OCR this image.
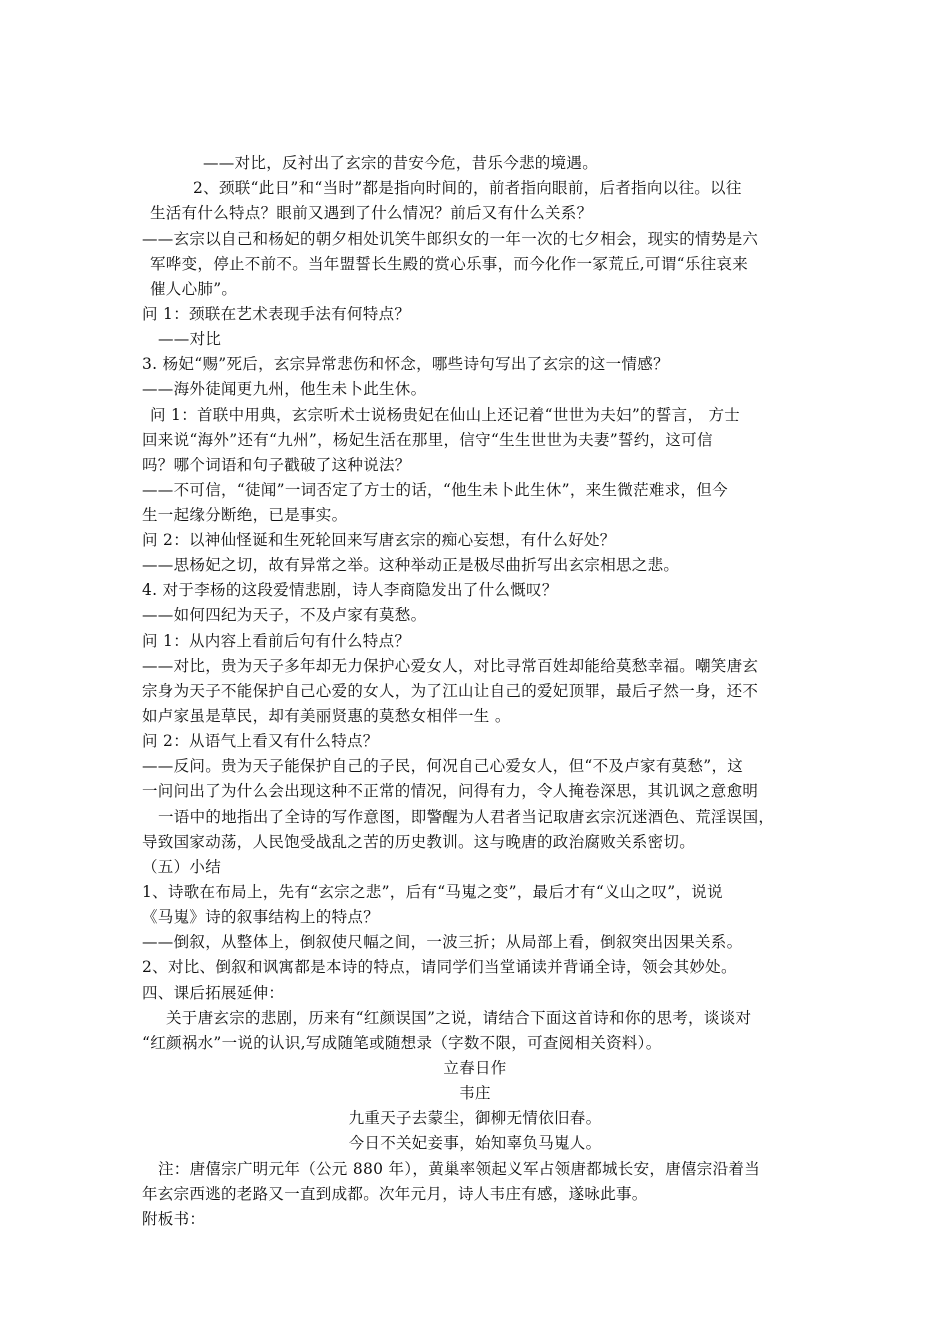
——对比，反衬出了玄宗的昔安今危，昔乐今悲的境遇。
2、颈联“此日”和“当时”都是指向时间的，前者指向眼前，后者指向以往。以往
生活有什么特点？眼前又遇到了什么情况？前后又有什么关系？
——玄宗以自己和杨妃的朝夕相处讥笑牛郎织女的一年一次的七夕相会，现实的情势是六
军哗变，停止不前不。当年盟誓长生殿的赏心乐事，而今化作一冢荒丘,可谓“乐往哀来
催人心肺”。
问 1：颈联在艺术表现手法有何特点？
——对比
3. 杨妃“赐”死后，玄宗异常悲伤和怀念，哪些诗句写出了玄宗的这一情感？
——海外徒闻更九州，他生未卜此生休。
问 1：首联中用典，玄宗听术士说杨贵妃在仙山上还记着“世世为夫妇”的誓言， 方士
回来说“海外”还有“九州”，杨妃生活在那里，信守“生生世世为夫妻”誓约，这可信
吗？哪个词语和句子戳破了这种说法？
——不可信，“徒闻”一词否定了方士的话，“他生未卜此生休”，来生微茫难求，但今
生一起缘分断绝，已是事实。
问 2：以神仙怪诞和生死轮回来写唐玄宗的痴心妄想，有什么好处？
——思杨妃之切，故有异常之举。这种举动正是极尽曲折写出玄宗相思之悲。
4. 对于李杨的这段爱情悲剧，诗人李商隐发出了什么慨叹？
——如何四纪为天子，不及卢家有莫愁。
问 1：从内容上看前后句有什么特点？
——对比，贵为天子多年却无力保护心爱女人，对比寻常百姓却能给莫愁幸福。嘲笑唐玄
宗身为天子不能保护自己心爱的女人，为了江山让自己的爱妃顶罪，最后孑然一身，还不
如卢家虽是草民，却有美丽贤惠的莫愁女相伴一生 。
问 2：从语气上看又有什么特点？
——反问。贵为天子能保护自己的子民，何况自己心爱女人，但“不及卢家有莫愁”，这
一问问出了为什么会出现这种不正常的情况，问得有力，令人掩卷深思，其讥讽之意愈明
一语中的地指出了全诗的写作意图，即警醒为人君者当记取唐玄宗沉迷酒色、荒淫误国，
导致国家动荡，人民饱受战乱之苦的历史教训。这与晚唐的政治腐败关系密切。
（五）小结
1、诗歌在布局上，先有“玄宗之悲”，后有“马嵬之变”，最后才有“义山之叹”，说说
《马嵬》诗的叙事结构上的特点？
——倒叙，从整体上，倒叙使尺幅之间，一波三折；从局部上看，倒叙突出因果关系。
2、对比、倒叙和讽寓都是本诗的特点，请同学们当堂诵读并背诵全诗，领会其妙处。
四、课后拓展延伸：
关于唐玄宗的悲剧，历来有“红颜误国”之说，请结合下面这首诗和你的思考，谈谈对
“红颜祸水”一说的认识,写成随笔或随想录（字数不限，可查阅相关资料）。
立春日作
韦庄
九重天子去蒙尘，御柳无情依旧春。
今日不关妃妾事，始知辜负马嵬人。
注：唐僖宗广明元年（公元 880 年），黄巢率领起义军占领唐都城长安，唐僖宗沿着当
年玄宗西逃的老路又一直到成都。次年元月，诗人韦庄有感，遂咏此事。
附板书：
